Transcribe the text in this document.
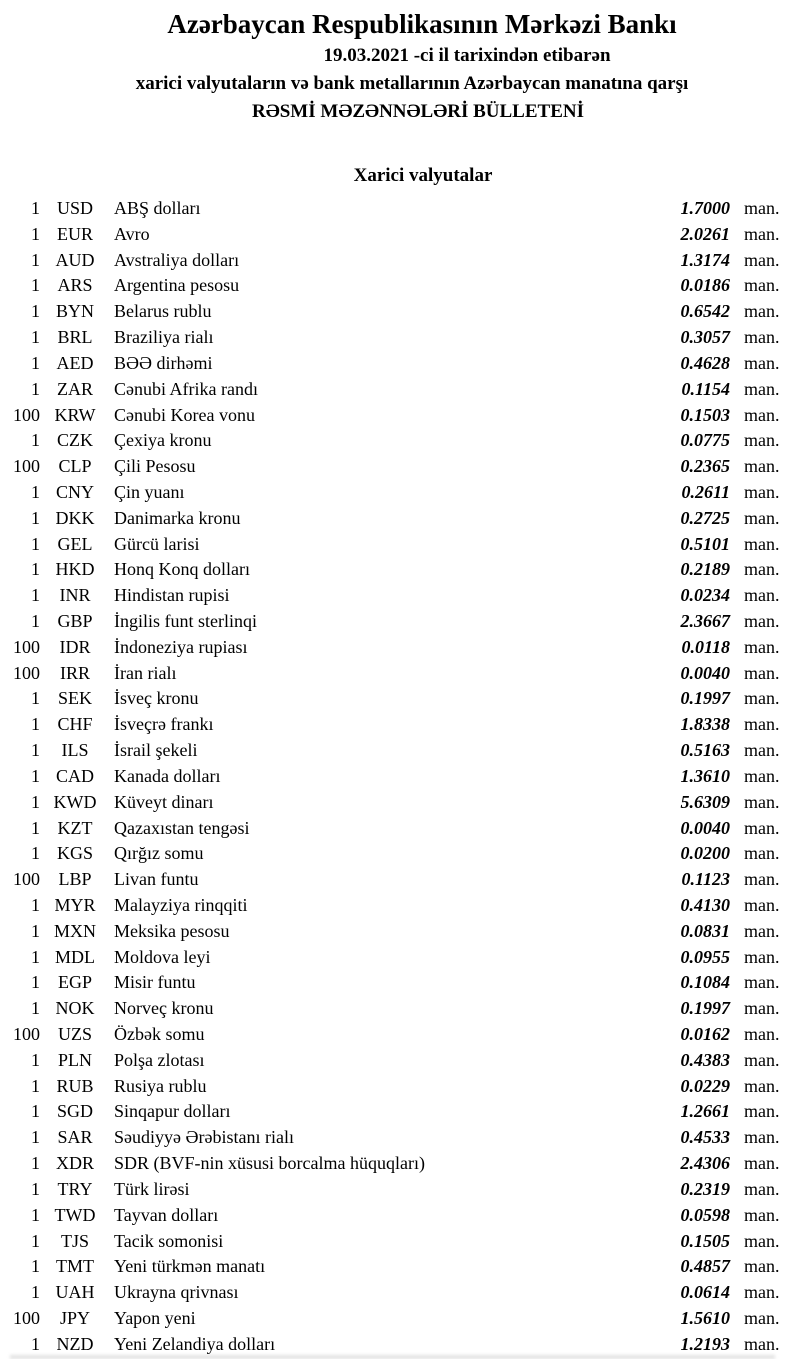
Azərbaycan Respublikasının Mərkəzi Bankı
19.03.2021 -ci il tarixindən etibarən
xarici valyutaların və bank metallarının Azərbaycan manatına qarşı
RƏSMİ MƏZƏNNƏLƏRİ BÜLLETENİ
Xarici valyutalar
1 USD	ABŞ dolları	1.7000 man.
1 EUR	Avro	2.0261 man.
1 AUD	Avstraliya dolları	1.3174 man.
1 ARS	Argentina pesosu	0.0186 man.
1 BYN	Belarus rublu	0.6542 man.
1 BRL	Braziliya rialı	0.3057 man.
1 AED	BƏƏ dirhəmi	0.4628 man.
1 ZAR	Cənubi Afrika randı	0.1154 man.
100 KRW	Cənubi Korea vonu	0.1503 man.
1 CZK	Çexiya kronu	0.0775 man.
100	CLP	Çili Pesosu	0.2365 man.
1 CNY	Çin yuanı	0.2611 man.
1 DKK	Danimarka kronu	0.2725 man.
1 GEL	Gürcü larisi	0.5101 man.
1 HKD	Honq Konq dolları	0.2189 man.
1	INR	Hindistan rupisi	0.0234 man.
1 GBP	İngilis funt sterlinqi	2.3667 man.
100	IDR	İndoneziya rupiası	0.0118 man.
100	IRR	İran rialı	0.0040 man.
1 SEK	İsveç kronu	0.1997 man.
1 CHF	İsveçrə frankı	1.8338 man.
1	ILS	İsrail şekeli	0.5163 man.
1 CAD	Kanada dolları	1.3610 man.
1 KWD Küveyt dinarı	5.6309 man.
1 KZT	Qazaxıstan tengəsi	0.0040 man.
1 KGS	Qırğız somu	0.0200 man.
100	LBP	Livan funtu	0.1123 man.
1 MYR	Malayziya rinqqiti	0.4130 man.
1 MXN	Meksika pesosu	0.0831 man.
1 MDL	Moldova leyi	0.0955 man.
1 EGP	Misir funtu	0.1084 man.
1 NOK	Norveç kronu	0.1997 man.
100 UZS	Özbək somu	0.0162 man.
1 PLN	Polşa zlotası	0.4383 man.
1 RUB	Rusiya rublu	0.0229 man.
1 SGD	Sinqapur dolları	1.2661 man.
1 SAR	Səudiyyə Ərəbistanı rialı	0.4533 man.
1 XDR	SDR (BVF-nin xüsusi borcalma hüquqları)	2.4306 man.
1 TRY	Türk lirəsi	0.2319 man.
1 TWD	Tayvan dolları	0.0598 man.
1	TJS	Tacik somonisi	0.1505 man.
1 TMT	Yeni türkmən manatı	0.4857 man.
1 UAH	Ukrayna qrivnası	0.0614 man.
100	JPY	Yapon yeni	1.5610 man.
1 NZD	Yeni Zelandiya dolları	1.2193 man.
